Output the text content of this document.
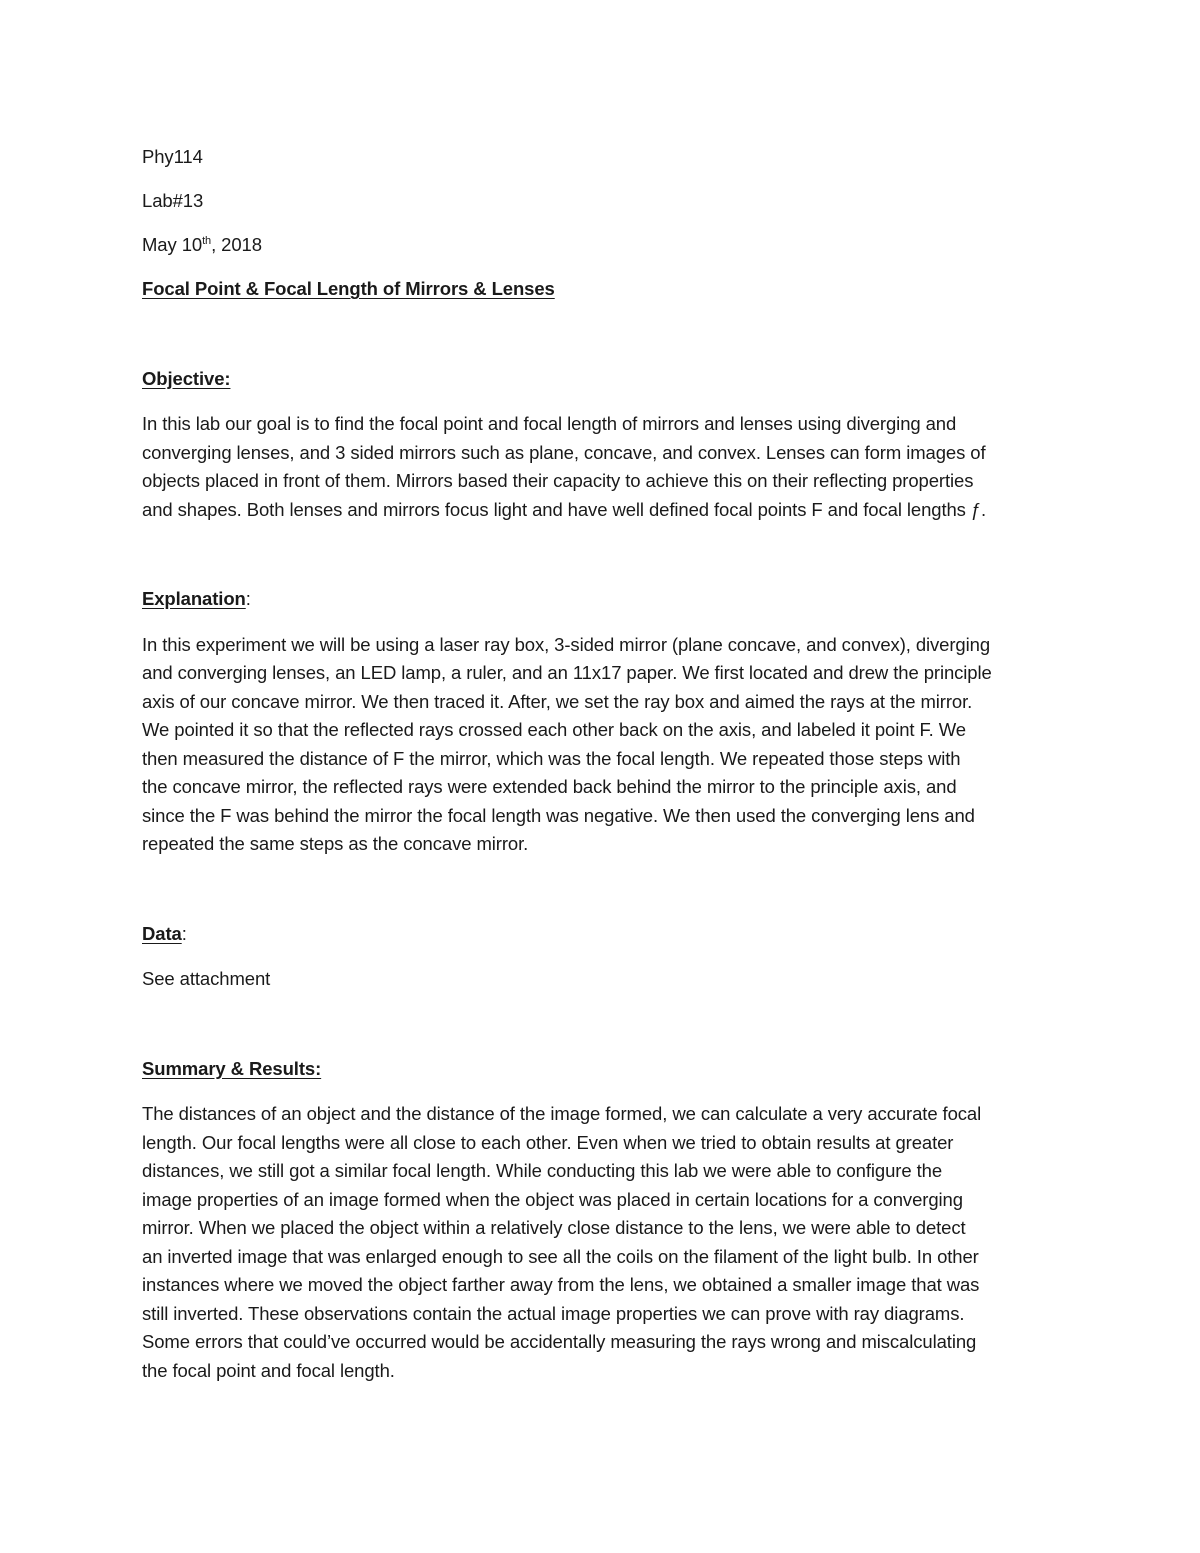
Phy114

Lab#13

May 10th, 2018

Focal Point & Focal Length of Mirrors & Lenses

Objective:

In this lab our goal is to find the focal point and focal length of mirrors and lenses using diverging and
converging lenses, and 3 sided mirrors such as plane, concave, and convex. Lenses can form images of
objects placed in front of them. Mirrors based their capacity to achieve this on their reflecting properties
and shapes. Both lenses and mirrors focus light and have well defined focal points F and focal lengths ƒ.

Explanation:

In this experiment we will be using a laser ray box, 3-sided mirror (plane concave, and convex), diverging
and converging lenses, an LED lamp, a ruler, and an 11x17 paper. We first located and drew the principle
axis of our concave mirror. We then traced it. After, we set the ray box and aimed the rays at the mirror.
We pointed it so that the reflected rays crossed each other back on the axis, and labeled it point F. We
then measured the distance of F the mirror, which was the focal length. We repeated those steps with
the concave mirror, the reflected rays were extended back behind the mirror to the principle axis, and
since the F was behind the mirror the focal length was negative. We then used the converging lens and
repeated the same steps as the concave mirror.

Data:

See attachment

Summary & Results:

The distances of an object and the distance of the image formed, we can calculate a very accurate focal
length. Our focal lengths were all close to each other. Even when we tried to obtain results at greater
distances, we still got a similar focal length. While conducting this lab we were able to configure the
image properties of an image formed when the object was placed in certain locations for a converging
mirror. When we placed the object within a relatively close distance to the lens, we were able to detect
an inverted image that was enlarged enough to see all the coils on the filament of the light bulb. In other
instances where we moved the object farther away from the lens, we obtained a smaller image that was
still inverted. These observations contain the actual image properties we can prove with ray diagrams.
Some errors that could’ve occurred would be accidentally measuring the rays wrong and miscalculating
the focal point and focal length.
